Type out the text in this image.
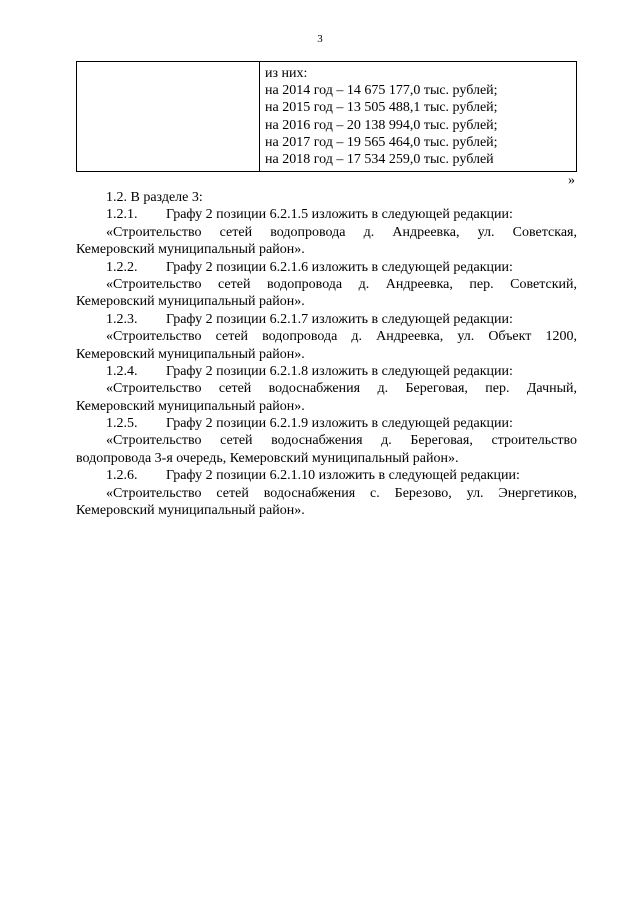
3

из них:
на 2014 год – 14 675 177,0 тыс. рублей;
на 2015 год – 13 505 488,1 тыс. рублей;
на 2016 год – 20 138 994,0 тыс. рублей;
на 2017 год – 19 565 464,0 тыс. рублей;
на 2018 год – 17 534 259,0 тыс. рублей
»
1.2. В разделе 3:
1.2.1. Графу 2 позиции 6.2.1.5 изложить в следующей редакции:
«Строительство сетей водопровода д. Андреевка, ул. Советская,
Кемеровский муниципальный район».
1.2.2. Графу 2 позиции 6.2.1.6 изложить в следующей редакции:
«Строительство сетей водопровода д. Андреевка, пер. Советский,
Кемеровский муниципальный район».
1.2.3. Графу 2 позиции 6.2.1.7 изложить в следующей редакции:
«Строительство сетей водопровода д. Андреевка, ул. Объект 1200,
Кемеровский муниципальный район».
1.2.4. Графу 2 позиции 6.2.1.8 изложить в следующей редакции:
«Строительство сетей водоснабжения д. Береговая, пер. Дачный,
Кемеровский муниципальный район».
1.2.5. Графу 2 позиции 6.2.1.9 изложить в следующей редакции:
«Строительство сетей водоснабжения д. Береговая, строительство
водопровода 3-я очередь, Кемеровский муниципальный район».
1.2.6. Графу 2 позиции 6.2.1.10 изложить в следующей редакции:
«Строительство сетей водоснабжения с. Березово, ул. Энергетиков,
Кемеровский муниципальный район».
